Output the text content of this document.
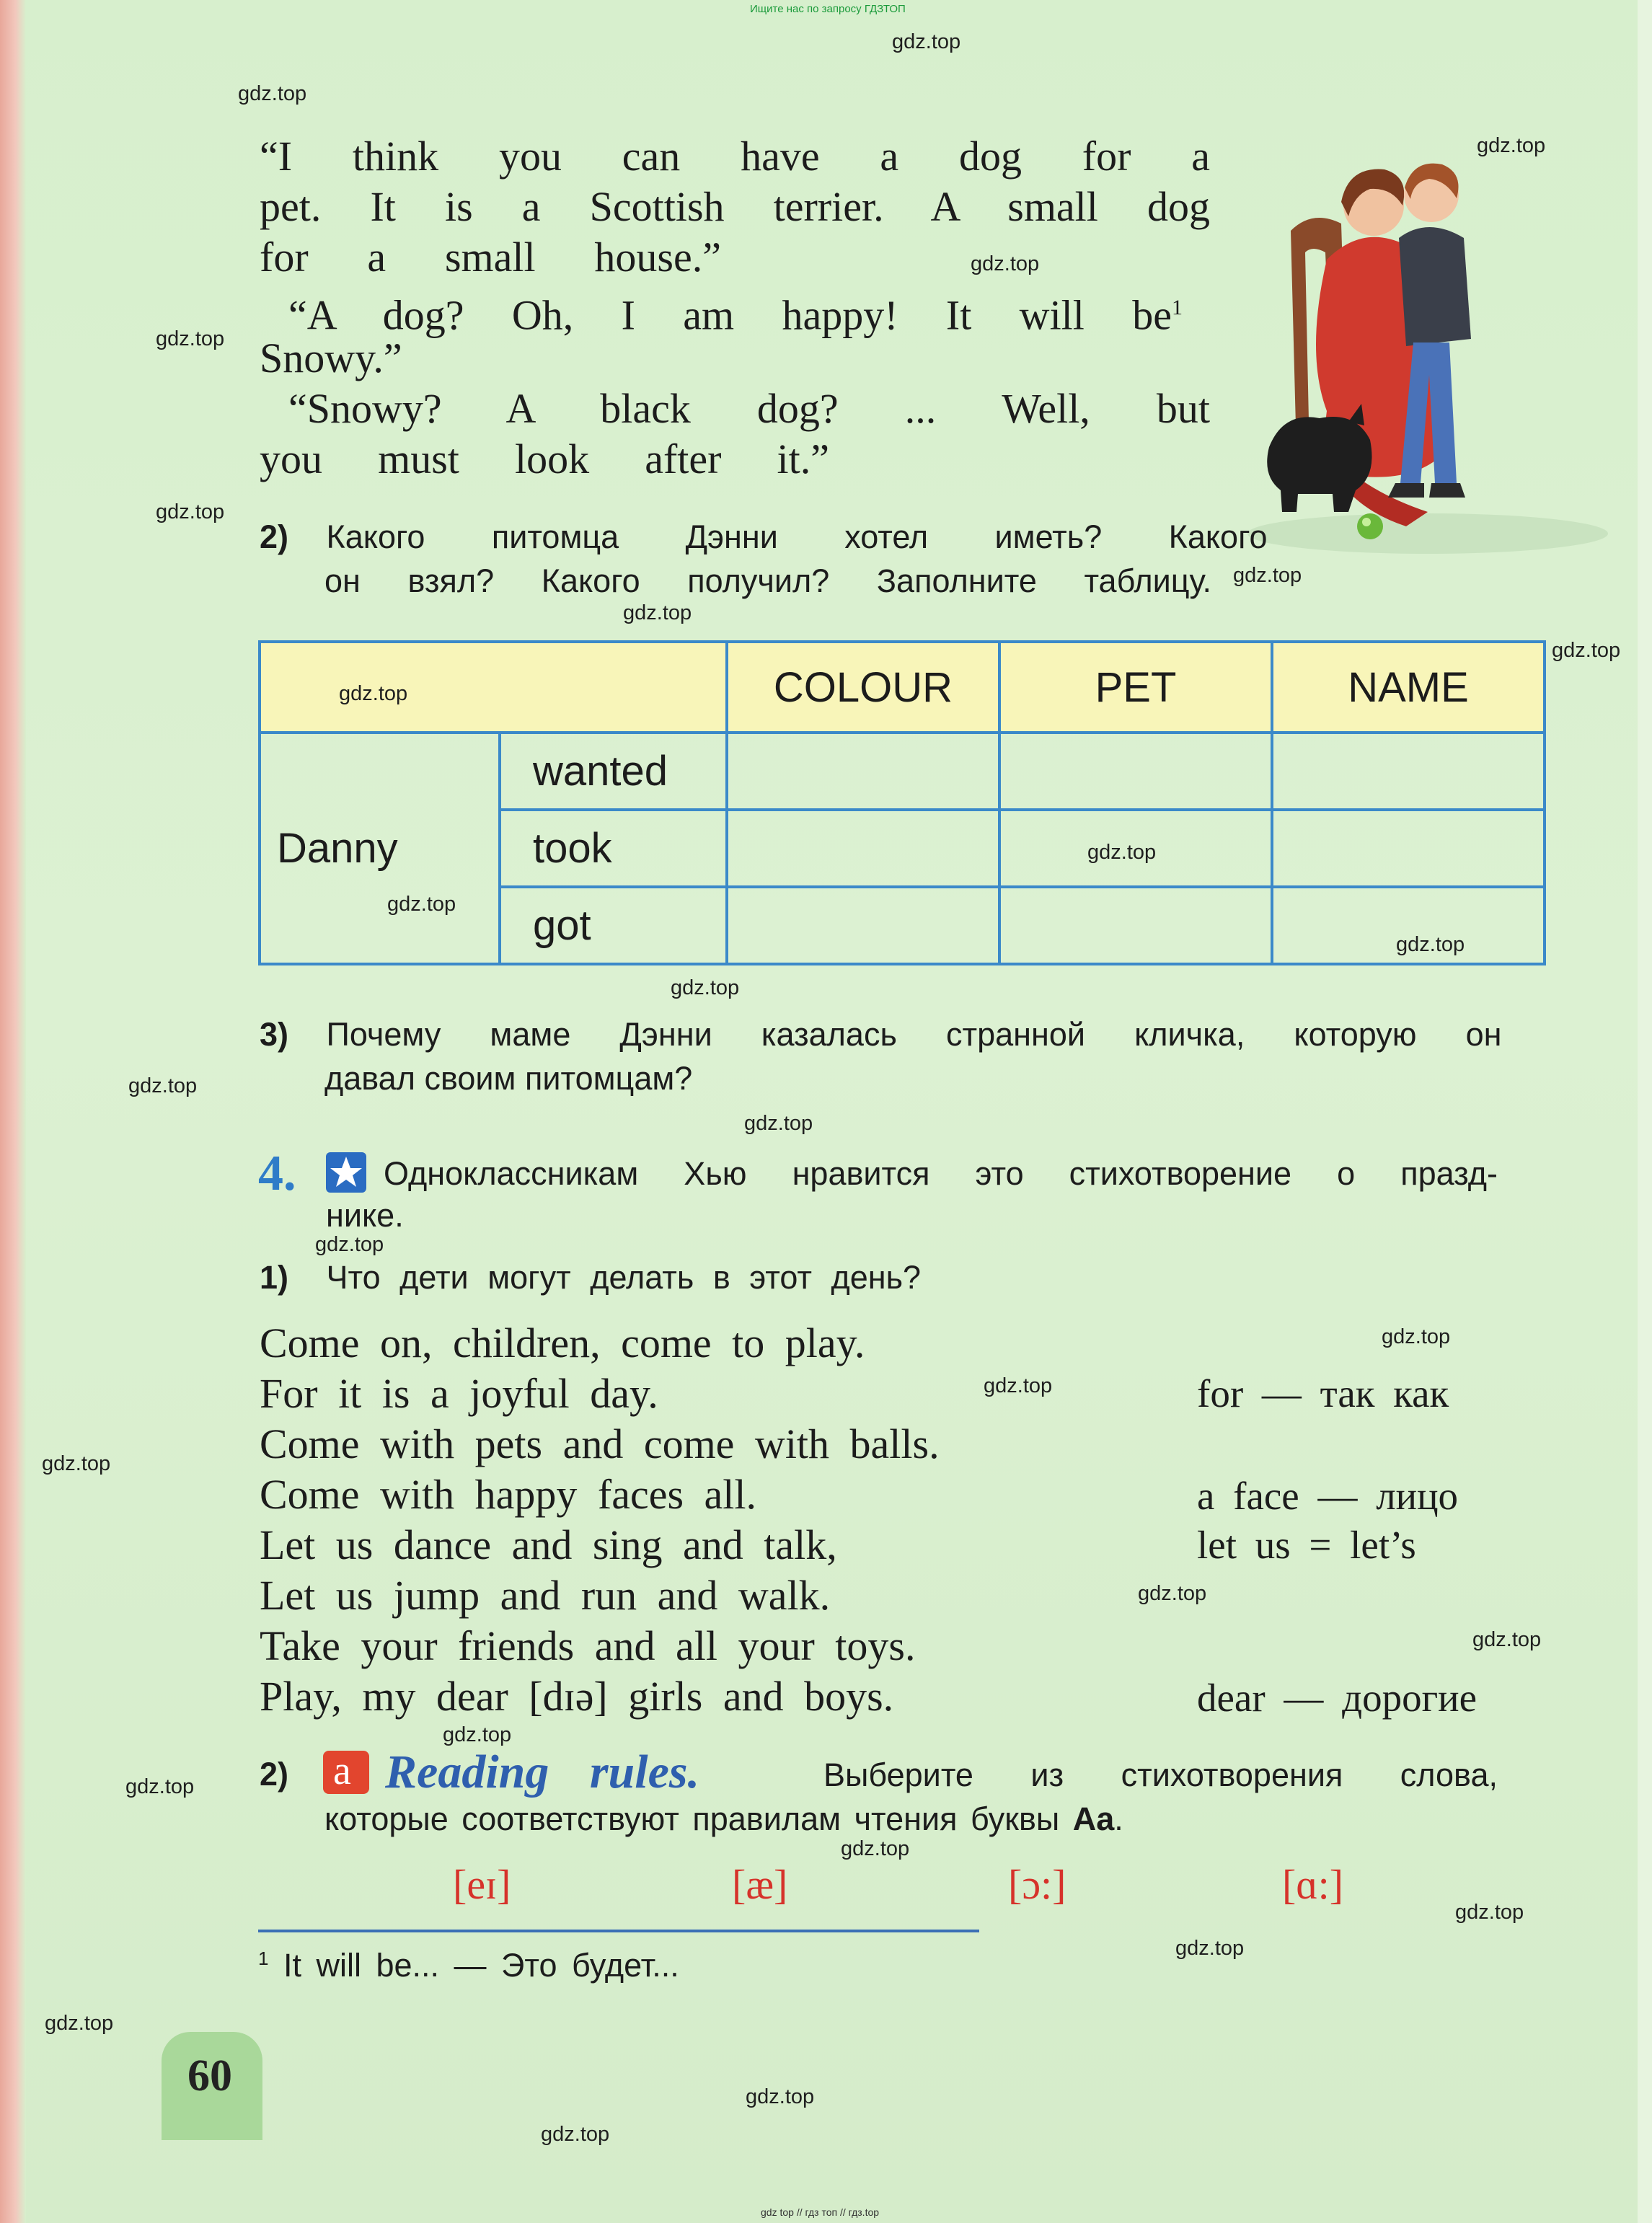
Ищите нас по запросу ГДЗТОП
“I think you can have a dog for a
pet. It is a Scottish terrier. A small dog
for a small house.”
“A dog? Oh, I am happy! It will $be^1$
Snowy.”
“Snowy? A black dog? ... Well, but
you must look after it.”
2) Какого питомца Дэнни хотел иметь? Какого
он взял? Какого получил? Заполните таблицу.
		COLOUR	PET	NAME
Danny	wanted			
	took			
	got			
3) Почему маме Дэнни казалась странной кличка, которую он
давал своим питомцам?
4.	Одноклассникам Хью нравится это стихотворение о празд-
нике.
1) Что дети могут делать в этот день?
Come on, children, come to play.
For it is a joyful day.
Come with pets and come with balls.
Come with happy faces all.
Let us dance and sing and talk,
Let us jump and run and walk.
Take your friends and all your toys.
Play, my dear [dɪə] girls and boys.
for — так как
a face — лицо
let us = let’s
dear — дорогие
2) a Reading rules.	Выберите из стихотворения слова,
которые соответствуют правилам чтения буквы Aa.
[eɪ]	[æ]	[ɔ:]	[ɑ:]
$^1$ It will be... — Это будет...
60
gdz.top
gdz.top
gdz.top
gdz.top
gdz.top
gdz.top
gdz.top
gdz.top
gdz.top
gdz.top
gdz.top
gdz.top
gdz.top
gdz.top
gdz.top
gdz.top
gdz.top
gdz.top
gdz.top
gdz.top
gdz.top
gdz.top
gdz.top
gdz.top
gdz.top
gdz.top
gdz.top
gdz.top
gdz.top
gdz.top
gdz top // гдз топ // гдз.top
